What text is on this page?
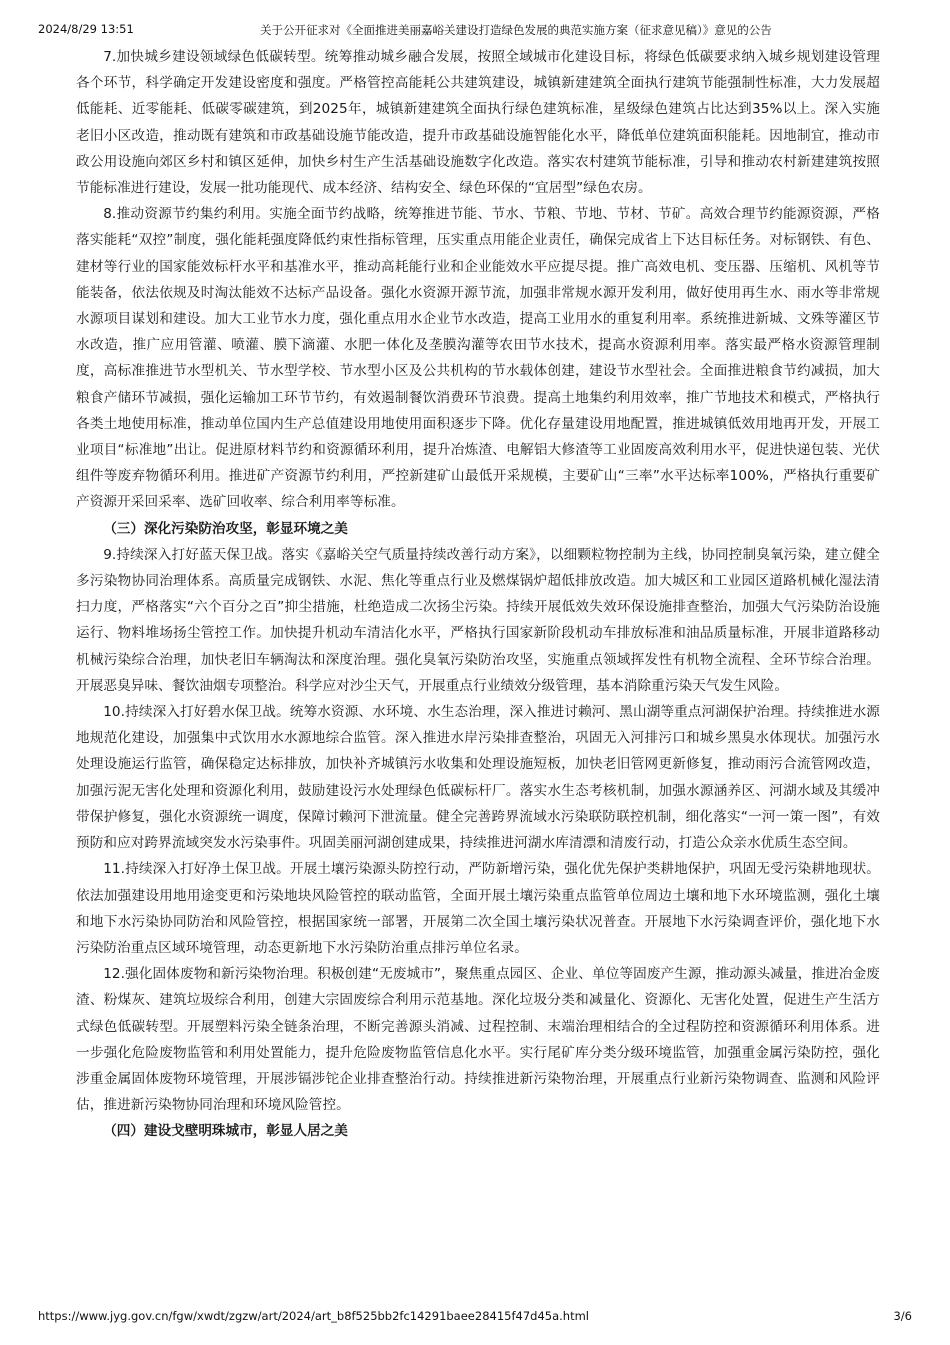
2024/8/29 13:51	关于公开征求对《全面推进美丽嘉峪关建设打造绿色发展的典范实施方案（征求意见稿）》意见的公告

7.加快城乡建设领域绿色低碳转型。统筹推动城乡融合发展，按照全域城市化建设目标，将绿色低碳要求纳入城乡规划建设管理各个环节，科学确定开发建设密度和强度。严格管控高能耗公共建筑建设，城镇新建建筑全面执行建筑节能强制性标准，大力发展超低能耗、近零能耗、低碳零碳建筑，到2025年，城镇新建建筑全面执行绿色建筑标准，星级绿色建筑占比达到35%以上。深入实施老旧小区改造，推动既有建筑和市政基础设施节能改造，提升市政基础设施智能化水平，降低单位建筑面积能耗。因地制宜，推动市政公用设施向郊区乡村和镇区延伸，加快乡村生产生活基础设施数字化改造。落实农村建筑节能标准，引导和推动农村新建建筑按照节能标准进行建设，发展一批功能现代、成本经济、结构安全、绿色环保的“宜居型”绿色农房。

8.推动资源节约集约利用。实施全面节约战略，统筹推进节能、节水、节粮、节地、节材、节矿。高效合理节约能源资源，严格落实能耗“双控”制度，强化能耗强度降低约束性指标管理，压实重点用能企业责任，确保完成省上下达目标任务。对标钢铁、有色、建材等行业的国家能效标杆水平和基准水平，推动高耗能行业和企业能效水平应提尽提。推广高效电机、变压器、压缩机、风机等节能装备，依法依规及时淘汰能效不达标产品设备。强化水资源开源节流，加强非常规水源开发利用，做好使用再生水、雨水等非常规水源项目谋划和建设。加大工业节水力度，强化重点用水企业节水改造，提高工业用水的重复利用率。系统推进新城、文殊等灌区节水改造，推广应用管灌、喷灌、膜下滴灌、水肥一体化及垄膜沟灌等农田节水技术，提高水资源利用率。落实最严格水资源管理制度，高标准推进节水型机关、节水型学校、节水型小区及公共机构的节水载体创建，建设节水型社会。全面推进粮食节约减损，加大粮食产储环节减损，强化运输加工环节节约，有效遏制餐饮消费环节浪费。提高土地集约利用效率，推广节地技术和模式，严格执行各类土地使用标准，推动单位国内生产总值建设用地使用面积逐步下降。优化存量建设用地配置，推进城镇低效用地再开发，开展工业项目“标准地”出让。促进原材料节约和资源循环利用，提升冶炼渣、电解铝大修渣等工业固废高效利用水平，促进快递包装、光伏组件等废弃物循环利用。推进矿产资源节约利用，严控新建矿山最低开采规模，主要矿山“三率”水平达标率100%，严格执行重要矿产资源开采回采率、选矿回收率、综合利用率等标准。

（三）深化污染防治攻坚，彰显环境之美

9.持续深入打好蓝天保卫战。落实《嘉峪关空气质量持续改善行动方案》，以细颗粒物控制为主线，协同控制臭氧污染，建立健全多污染物协同治理体系。高质量完成钢铁、水泥、焦化等重点行业及燃煤锅炉超低排放改造。加大城区和工业园区道路机械化湿法清扫力度，严格落实“六个百分之百”抑尘措施，杜绝造成二次扬尘污染。持续开展低效失效环保设施排查整治，加强大气污染防治设施运行、物料堆场扬尘管控工作。加快提升机动车清洁化水平，严格执行国家新阶段机动车排放标准和油品质量标准，开展非道路移动机械污染综合治理，加快老旧车辆淘汰和深度治理。强化臭氧污染防治攻坚，实施重点领域挥发性有机物全流程、全环节综合治理。开展恶臭异味、餐饮油烟专项整治。科学应对沙尘天气，开展重点行业绩效分级管理，基本消除重污染天气发生风险。

10.持续深入打好碧水保卫战。统筹水资源、水环境、水生态治理，深入推进讨赖河、黑山湖等重点河湖保护治理。持续推进水源地规范化建设，加强集中式饮用水水源地综合监管。深入推进水岸污染排查整治，巩固无入河排污口和城乡黑臭水体现状。加强污水处理设施运行监管，确保稳定达标排放，加快补齐城镇污水收集和处理设施短板，加快老旧管网更新修复，推动雨污合流管网改造，加强污泥无害化处理和资源化利用，鼓励建设污水处理绿色低碳标杆厂。落实水生态考核机制，加强水源涵养区、河湖水域及其缓冲带保护修复，强化水资源统一调度，保障讨赖河下泄流量。健全完善跨界流域水污染联防联控机制，细化落实“一河一策一图”，有效预防和应对跨界流域突发水污染事件。巩固美丽河湖创建成果，持续推进河湖水库清漂和清废行动，打造公众亲水优质生态空间。

11.持续深入打好净土保卫战。开展土壤污染源头防控行动，严防新增污染，强化优先保护类耕地保护，巩固无受污染耕地现状。依法加强建设用地用途变更和污染地块风险管控的联动监管，全面开展土壤污染重点监管单位周边土壤和地下水环境监测，强化土壤和地下水污染协同防治和风险管控，根据国家统一部署，开展第二次全国土壤污染状况普查。开展地下水污染调查评价，强化地下水污染防治重点区域环境管理，动态更新地下水污染防治重点排污单位名录。

12.强化固体废物和新污染物治理。积极创建“无废城市”，聚焦重点园区、企业、单位等固废产生源，推动源头减量，推进冶金废渣、粉煤灰、建筑垃圾综合利用，创建大宗固废综合利用示范基地。深化垃圾分类和减量化、资源化、无害化处置，促进生产生活方式绿色低碳转型。开展塑料污染全链条治理，不断完善源头消减、过程控制、末端治理相结合的全过程防控和资源循环利用体系。进一步强化危险废物监管和利用处置能力，提升危险废物监管信息化水平。实行尾矿库分类分级环境监管，加强重金属污染防控，强化涉重金属固体废物环境管理，开展涉镉涉铊企业排查整治行动。持续推进新污染物治理，开展重点行业新污染物调查、监测和风险评估，推进新污染物协同治理和环境风险管控。

（四）建设戈壁明珠城市，彰显人居之美

https://www.jyg.gov.cn/fgw/xwdt/zgzw/art/2024/art_b8f525bb2fc14291baee28415f47d45a.html	3/6
